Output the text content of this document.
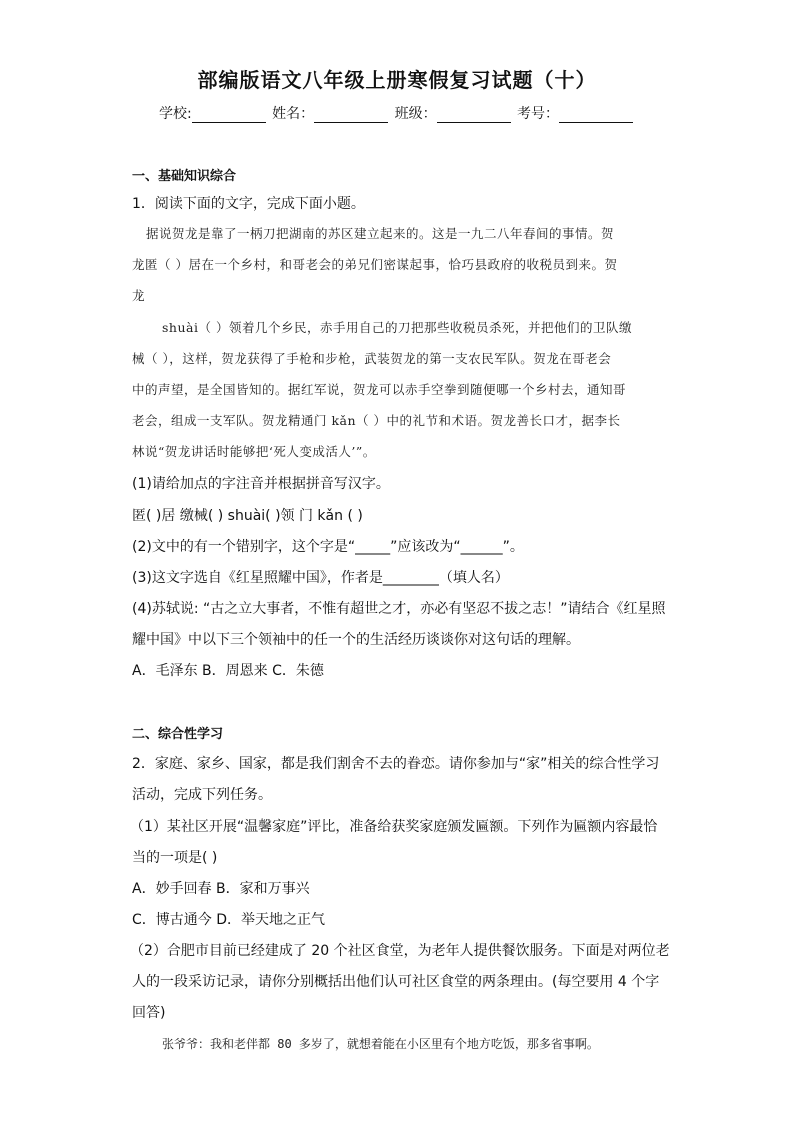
部编版语文八年级上册寒假复习试题（十）
学校:	姓名：	班级：	考号：
一、基础知识综合
1．阅读下面的文字，完成下面小题。
据说贺龙是靠了一柄刀把湖南的苏区建立起来的。这是一九二八年春间的事情。贺
龙匿（ ）居在一个乡村，和哥老会的弟兄们密谋起事，恰巧县政府的收税员到来。贺
龙
shuài（ ）领着几个乡民，赤手用自己的刀把那些收税员杀死，并把他们的卫队缴
械（ ），这样，贺龙获得了手枪和步枪，武装贺龙的第一支农民军队。贺龙在哥老会
中的声望，是全国皆知的。据红军说，贺龙可以赤手空拳到随便哪一个乡村去，通知哥
老会，组成一支军队。贺龙精通门 kǎn（ ）中的礼节和术语。贺龙善长口才，据李长
林说“贺龙讲话时能够把‘死人变成活人’”。
(1)请给加点的字注音并根据拼音写汉字。
匿( )居 缴械( ) shuài( )领 门 kǎn ( )
(2)文中的有一个错别字，这个字是“_____”应该改为“______”。
(3)这文字选自《红星照耀中国》，作者是________（填人名）
(4)苏轼说: “古之立大事者，不惟有超世之才，亦必有坚忍不拔之志！”请结合《红星照
耀中国》中以下三个领袖中的任一个的生活经历谈谈你对这句话的理解。
A．毛泽东 B．周恩来 C．朱德
二、综合性学习
2．家庭、家乡、国家，都是我们割舍不去的眷恋。请你参加与“家”相关的综合性学习
活动，完成下列任务。
（1）某社区开展“温馨家庭”评比，准备给获奖家庭颁发匾额。下列作为匾额内容最恰
当的一项是( )
A．妙手回春 B．家和万事兴
C．博古通今 D．举天地之正气
（2）合肥市目前已经建成了 20 个社区食堂，为老年人提供餐饮服务。下面是对两位老
人的一段采访记录，请你分别概括出他们认可社区食堂的两条理由。(每空要用 4 个字
回答)
张爷爷：我和老伴都 80 多岁了，就想着能在小区里有个地方吃饭，那多省事啊。
